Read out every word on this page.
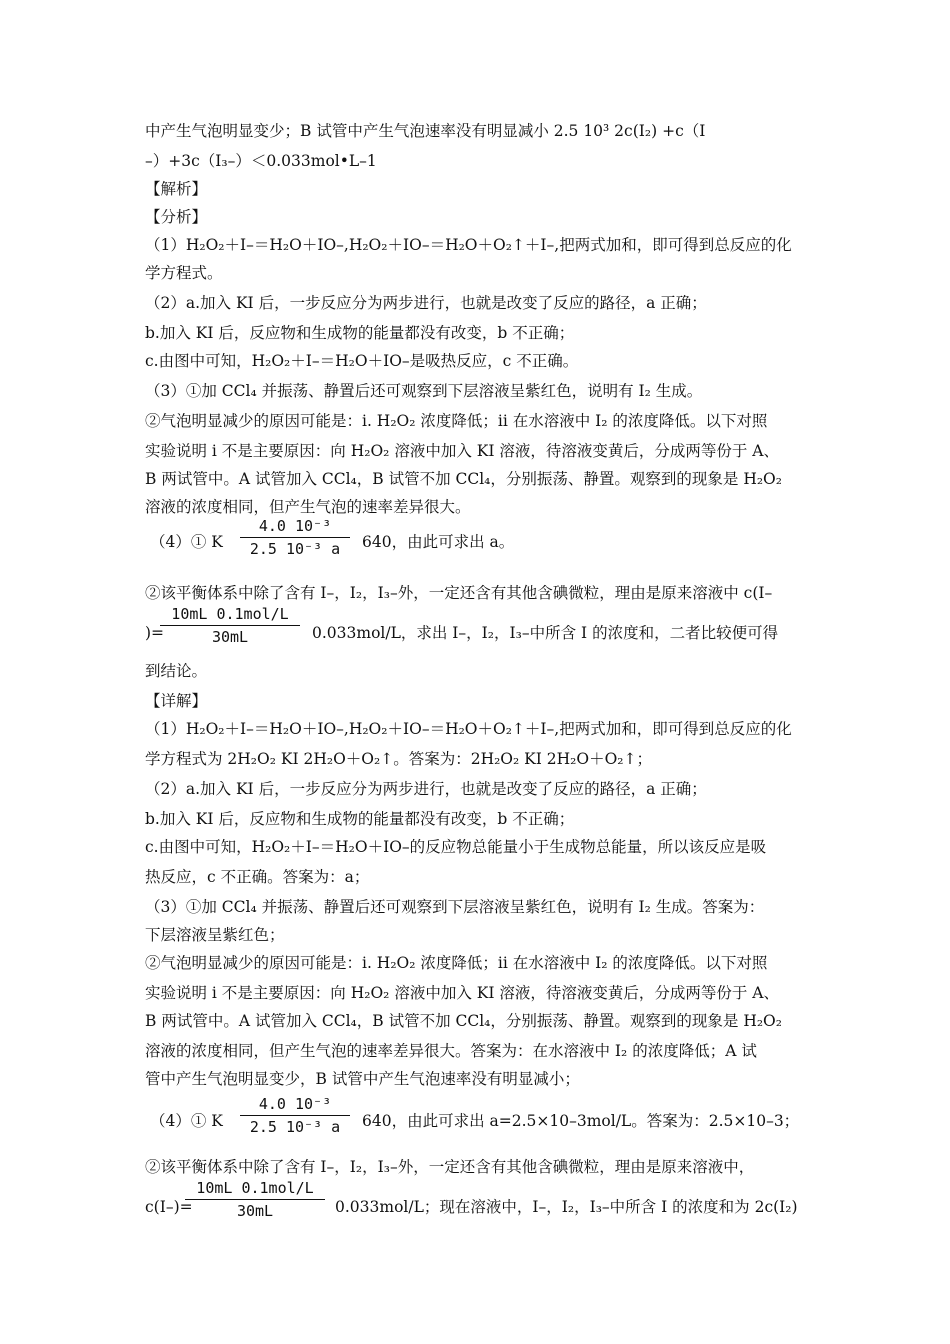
中产生气泡明显变少；B 试管中产生气泡速率没有明显减小 2.5 10³ 2c(I₂) +c（I
–）+3c（I₃–）＜0.033mol•L–1
【解析】
【分析】
（1）H₂O₂＋I–＝H₂O＋IO–,H₂O₂＋IO–＝H₂O＋O₂↑＋I–,把两式加和，即可得到总反应的化
学方程式。
（2）a.加入 KI 后，一步反应分为两步进行，也就是改变了反应的路径，a 正确；
b.加入 KI 后，反应物和生成物的能量都没有改变，b 不正确；
c.由图中可知，H₂O₂＋I–＝H₂O＋IO–是吸热反应，c 不正确。
（3）①加 CCl₄ 并振荡、静置后还可观察到下层溶液呈紫红色，说明有 I₂ 生成。
②气泡明显减少的原因可能是：i. H₂O₂ 浓度降低；ii 在水溶液中 I₂ 的浓度降低。以下对照
实验说明 i 不是主要原因：向 H₂O₂ 溶液中加入 KI 溶液，待溶液变黄后，分成两等份于 A、
B 两试管中。A 试管加入 CCl₄，B 试管不加 CCl₄，分别振荡、静置。观察到的现象是 H₂O₂
溶液的浓度相同，但产生气泡的速率差异很大。
②该平衡体系中除了含有 I–，I₂，I₃–外，一定还含有其他含碘微粒，理由是原来溶液中 c(I–
到结论。
【详解】
（1）H₂O₂＋I–＝H₂O＋IO–,H₂O₂＋IO–＝H₂O＋O₂↑＋I–,把两式加和，即可得到总反应的化
学方程式为 2H₂O₂ KI 2H₂O＋O₂↑。答案为：2H₂O₂ KI 2H₂O＋O₂↑；
（2）a.加入 KI 后，一步反应分为两步进行，也就是改变了反应的路径，a 正确；
b.加入 KI 后，反应物和生成物的能量都没有改变，b 不正确；
c.由图中可知，H₂O₂＋I–＝H₂O＋IO–的反应物总能量小于生成物总能量，所以该反应是吸
热反应，c 不正确。答案为：a；
（3）①加 CCl₄ 并振荡、静置后还可观察到下层溶液呈紫红色，说明有 I₂ 生成。答案为：
下层溶液呈紫红色；
②气泡明显减少的原因可能是：i. H₂O₂ 浓度降低；ii 在水溶液中 I₂ 的浓度降低。以下对照
实验说明 i 不是主要原因：向 H₂O₂ 溶液中加入 KI 溶液，待溶液变黄后，分成两等份于 A、
B 两试管中。A 试管加入 CCl₄，B 试管不加 CCl₄，分别振荡、静置。观察到的现象是 H₂O₂
溶液的浓度相同，但产生气泡的速率差异很大。答案为：在水溶液中 I₂ 的浓度降低；A 试
管中产生气泡明显变少，B 试管中产生气泡速率没有明显减小；
②该平衡体系中除了含有 I–，I₂，I₃–外，一定还含有其他含碘微粒，理由是原来溶液中，
（4）① K
4.0 10⁻³
2.5 10⁻³ a	640，由此可求出 a。
)=
10mL 0.1mol/L
30mL	0.033mol/L，求出 I–，I₂，I₃–中所含 I 的浓度和，二者比较便可得
（4）① K
4.0 10⁻³
2.5 10⁻³ a	640，由此可求出 a=2.5×10–3mol/L。答案为：2.5×10–3；
c(I–)=
10mL 0.1mol/L
30mL	0.033mol/L；现在溶液中，I–，I₂，I₃–中所含 I 的浓度和为 2c(I₂)
